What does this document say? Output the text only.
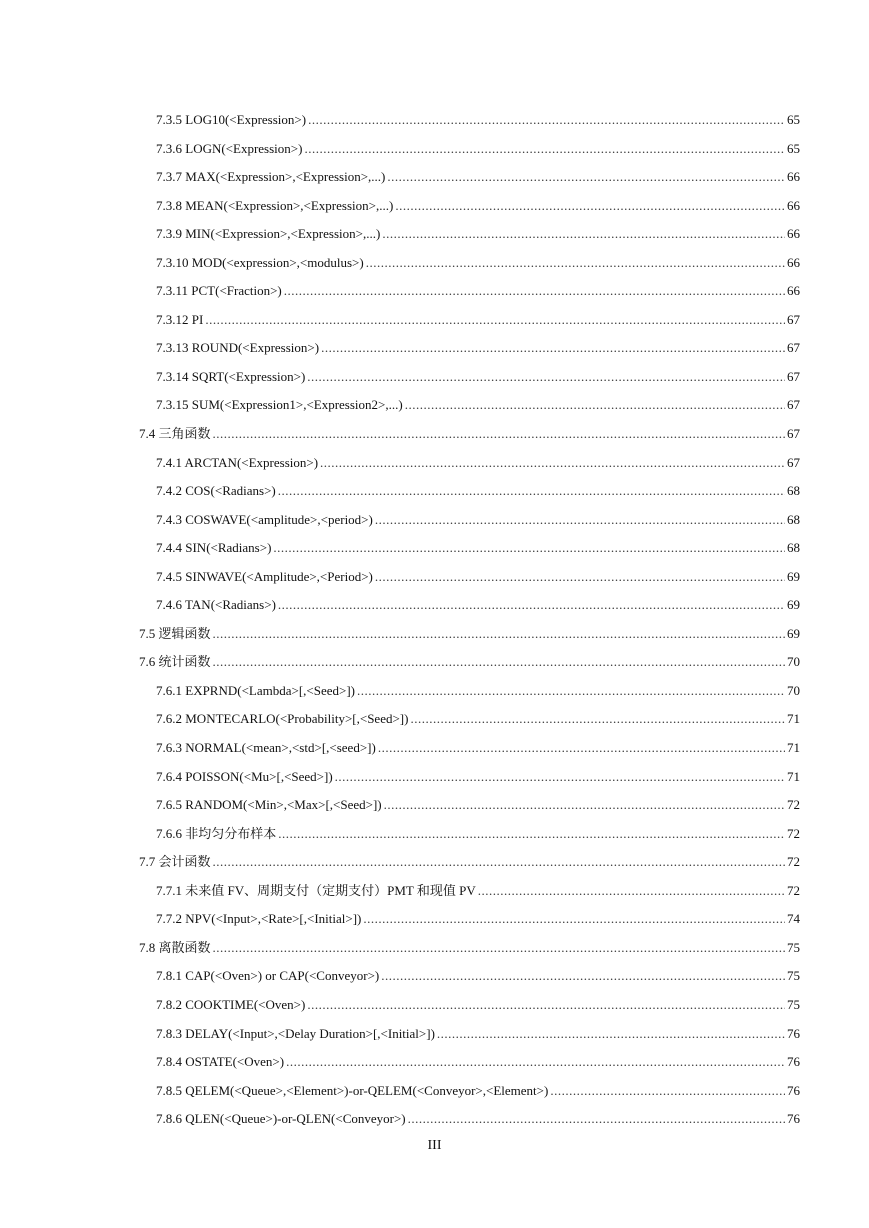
7.3.5 LOG10(<Expression>) .....	65
7.3.6 LOGN(<Expression>) .....	65
7.3.7 MAX(<Expression>,<Expression>,...) .....	66
7.3.8 MEAN(<Expression>,<Expression>,...) .....	66
7.3.9 MIN(<Expression>,<Expression>,...) .....	66
7.3.10 MOD(<expression>,<modulus>) .....	66
7.3.11 PCT(<Fraction>) .....	66
7.3.12 PI .....	67
7.3.13 ROUND(<Expression>) .....	67
7.3.14 SQRT(<Expression>) .....	67
7.3.15 SUM(<Expression1>,<Expression2>,...) .....	67
7.4 三角函数 .....	67
7.4.1 ARCTAN(<Expression>) .....	67
7.4.2 COS(<Radians>) .....	68
7.4.3 COSWAVE(<amplitude>,<period>) .....	68
7.4.4 SIN(<Radians>) .....	68
7.4.5 SINWAVE(<Amplitude>,<Period>) .....	69
7.4.6 TAN(<Radians>) .....	69
7.5 逻辑函数 .....	69
7.6 统计函数 .....	70
7.6.1 EXPRND(<Lambda>[,<Seed>]) .....	70
7.6.2 MONTECARLO(<Probability>[,<Seed>]) .....	71
7.6.3 NORMAL(<mean>,<std>[,<seed>]) .....	71
7.6.4 POISSON(<Mu>[,<Seed>]) .....	71
7.6.5 RANDOM(<Min>,<Max>[,<Seed>]) .....	72
7.6.6 非均匀分布样本 .....	72
7.7 会计函数 .....	72
7.7.1 未来值 FV、周期支付（定期支付）PMT 和现值 PV .....	72
7.7.2 NPV(<Input>,<Rate>[,<Initial>]) .....	74
7.8 离散函数 .....	75
7.8.1 CAP(<Oven>) or CAP(<Conveyor>) .....	75
7.8.2 COOKTIME(<Oven>) .....	75
7.8.3 DELAY(<Input>,<Delay Duration>[,<Initial>]) .....	76
7.8.4 OSTATE(<Oven>) .....	76
7.8.5 QELEM(<Queue>,<Element>)-or-QELEM(<Conveyor>,<Element>) .....	76
7.8.6 QLEN(<Queue>)-or-QLEN(<Conveyor>) .....	76
III
